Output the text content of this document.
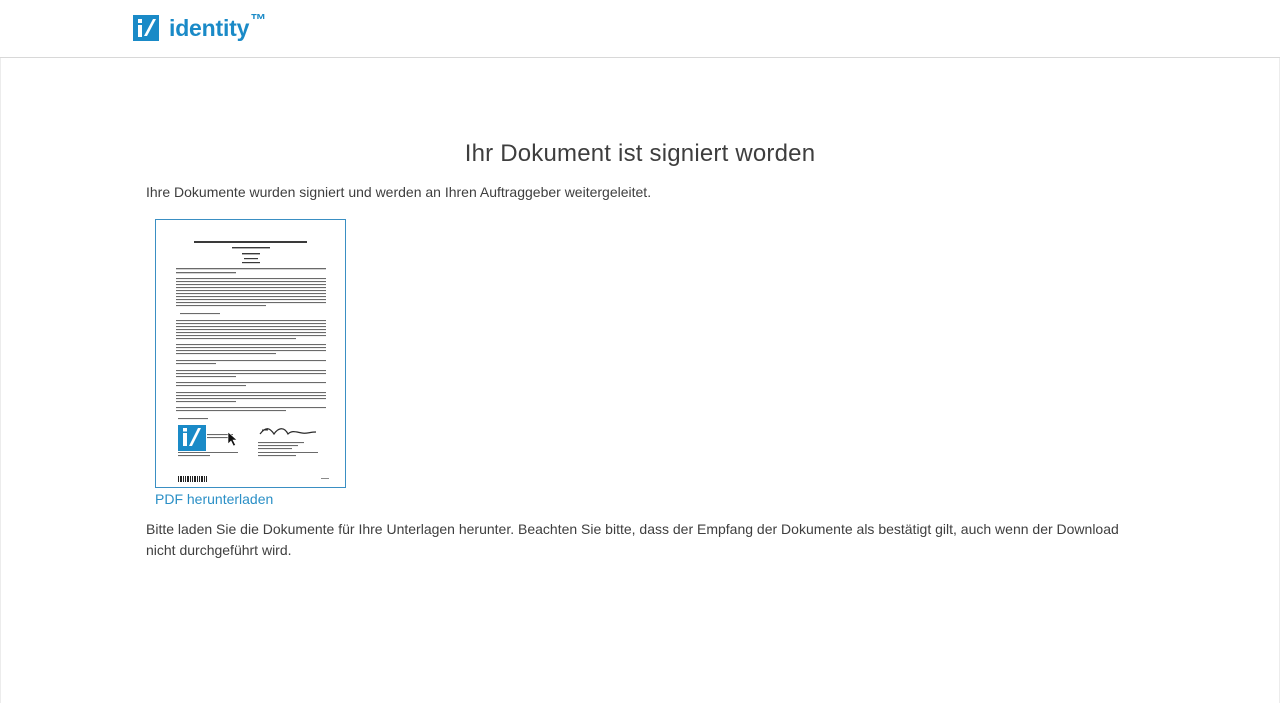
identity ™
Ihr Dokument ist signiert worden
Ihre Dokumente wurden signiert und werden an Ihren Auftraggeber weitergeleitet.
PDF herunterladen
Bitte laden Sie die Dokumente für Ihre Unterlagen herunter. Beachten Sie bitte, dass der Empfang der Dokumente als bestätigt gilt, auch wenn der Download nicht durchgeführt wird.
